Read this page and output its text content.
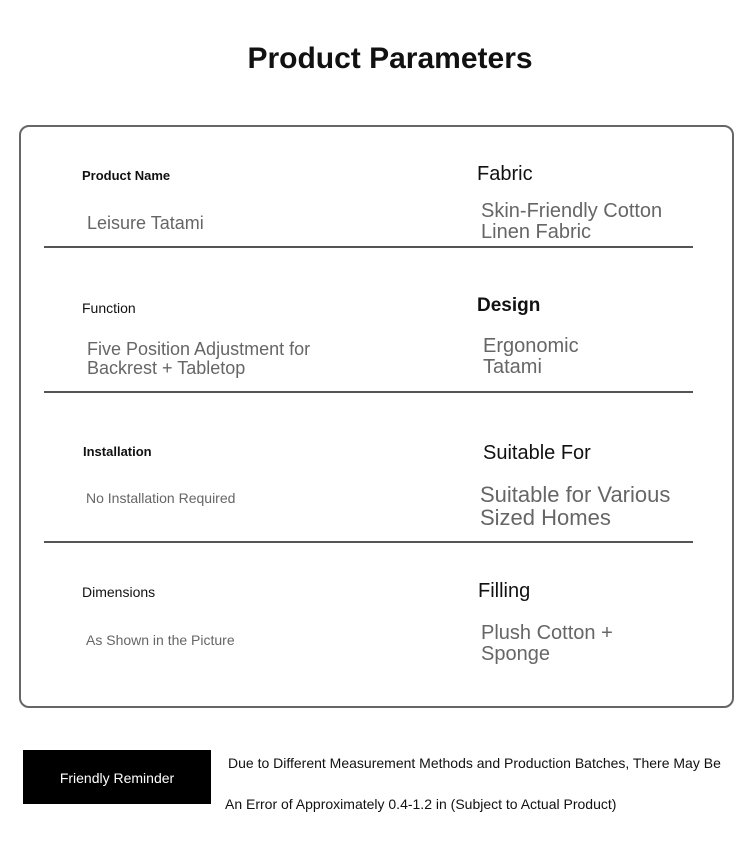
Product Parameters
Product Name
Leisure Tatami
Fabric
Skin-Friendly Cotton Linen Fabric
Function
Five Position Adjustment for Backrest + Tabletop
Design
Ergonomic Tatami
Installation
No Installation Required
Suitable For
Suitable for Various Sized Homes
Dimensions
As Shown in the Picture
Filling
Plush Cotton + Sponge
Friendly Reminder
Due to Different Measurement Methods and Production Batches, There May Be
An Error of Approximately 0.4-1.2 in (Subject to Actual Product)
